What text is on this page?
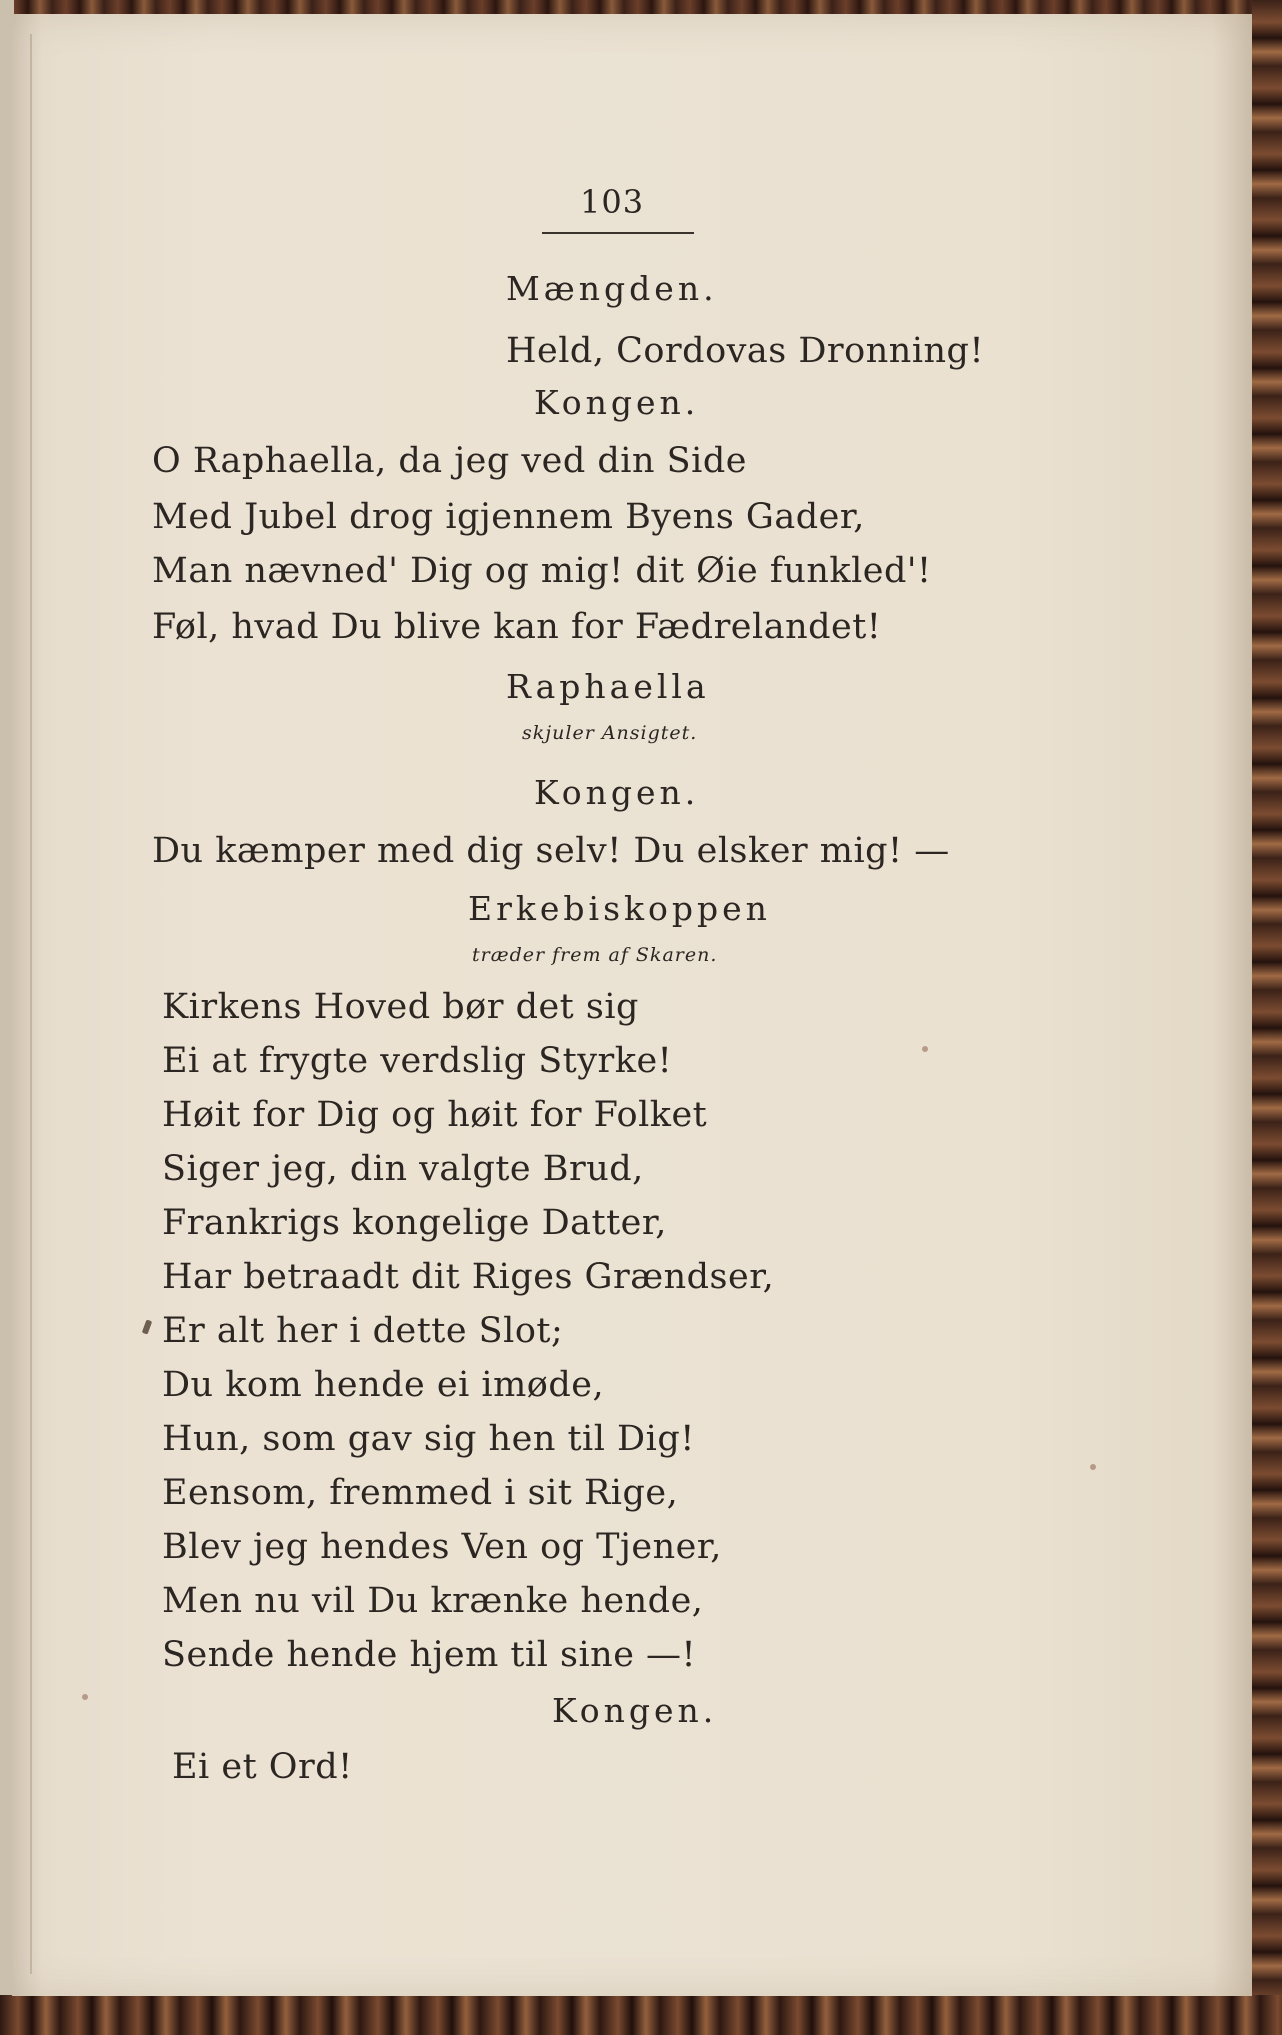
103
Mængden.
Held, Cordovas Dronning!
Kongen.
O Raphaella, da jeg ved din Side
Med Jubel drog igjennem Byens Gader,
Man nævned' Dig og mig! dit Øie funkled'!
Føl, hvad Du blive kan for Fædrelandet!
Raphaella
skjuler Ansigtet.
Kongen.
Du kæmper med dig selv! Du elsker mig! —
Erkebiskoppen
træder frem af Skaren.
Kirkens Hoved bør det sig
Ei at frygte verdslig Styrke!
Høit for Dig og høit for Folket
Siger jeg, din valgte Brud,
Frankrigs kongelige Datter,
Har betraadt dit Riges Grændser,
Er alt her i dette Slot;
Du kom hende ei imøde,
Hun, som gav sig hen til Dig!
Eensom, fremmed i sit Rige,
Blev jeg hendes Ven og Tjener,
Men nu vil Du krænke hende,
Sende hende hjem til sine —!
Kongen.
Ei et Ord!
